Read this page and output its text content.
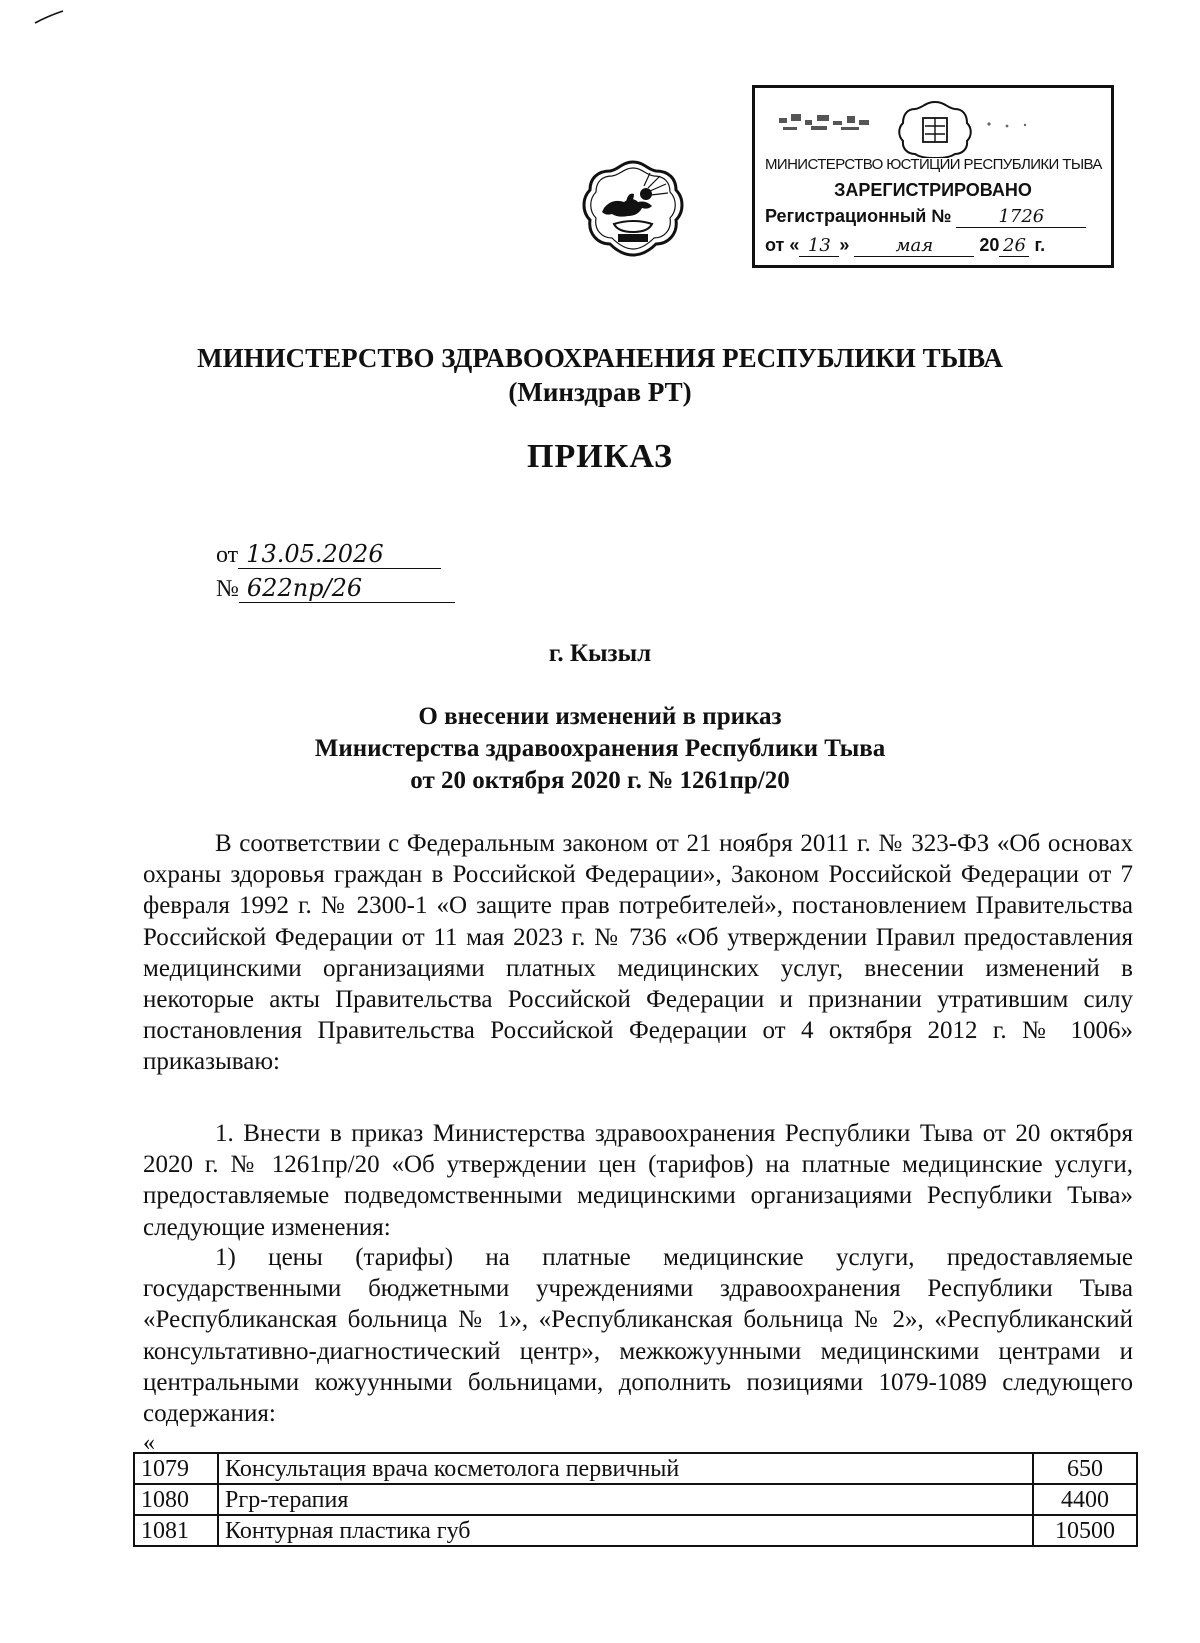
МИНИСТЕРСТВО ЮСТИЦИИ РЕСПУБЛИКИ ТЫВА
ЗАРЕГИСТРИРОВАНО
Регистрационный №	1726
от « 13 »	мая	20 26 г.
МИНИСТЕРСТВО ЗДРАВООХРАНЕНИЯ РЕСПУБЛИКИ ТЫВА
(Минздрав РТ)
ПРИКАЗ
от 13.05.2026
№ 622пр/26
г. Кызыл
О внесении изменений в приказ
Министерства здравоохранения Республики Тыва
от 20 октября 2020 г. № 1261пр/20

В соответствии с Федеральным законом от 21 ноября 2011 г. № 323-ФЗ «Об основах охраны здоровья граждан в Российской Федерации», Законом Российской Федерации от 7 февраля 1992 г. № 2300-1 «О защите прав потребителей», постановлением Правительства Российской Федерации от 11 мая 2023 г. № 736 «Об утверждении Правил предоставления медицинскими организациями платных медицинских услуг, внесении изменений в некоторые акты Правительства Российской Федерации и признании утратившим силу постановления Правительства Российской Федерации от 4 октября 2012 г. № 1006» приказываю:

1. Внести в приказ Министерства здравоохранения Республики Тыва от 20 октября 2020 г. № 1261пр/20 «Об утверждении цен (тарифов) на платные медицинские услуги, предоставляемые подведомственными медицинскими организациями Республики Тыва» следующие изменения:

1) цены (тарифы) на платные медицинские услуги, предоставляемые государственными бюджетными учреждениями здравоохранения Республики Тыва «Республиканская больница № 1», «Республиканская больница № 2», «Республиканский консультативно-диагностический центр», межкожуунными медицинскими центрами и центральными кожуунными больницами, дополнить позициями 1079-1089 следующего содержания:

«
1079	Консультация врача косметолога первичный	650
1080	Ргр-терапия	4400
1081	Контурная пластика губ	10500
